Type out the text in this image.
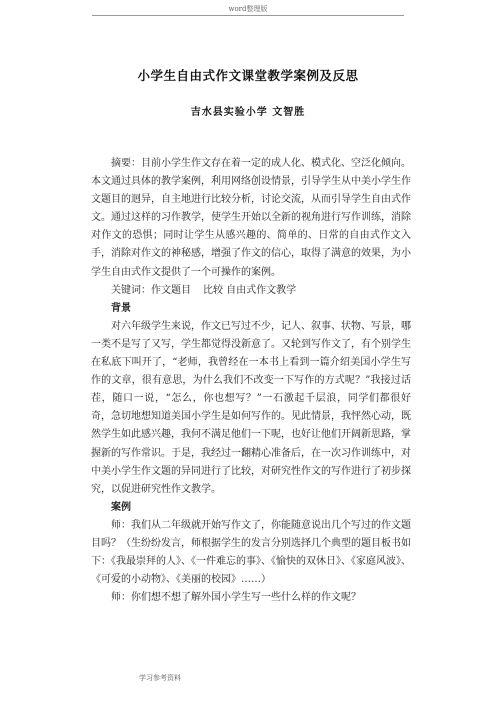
word整理版
小学生自由式作文课堂教学案例及反思
吉水县实验小学 文智胜

摘要：目前小学生作文存在着一定的成人化、模式化、空泛化倾向。本文通过具体的教学案例，利用网络创设情景，引导学生从中美小学生作文题目的迥异，自主地进行比较分析，讨论交流，从而引导学生自由式作文。通过这样的习作教学，使学生开始以全新的视角进行写作训练，消除对作文的恐惧；同时让学生从感兴趣的、简单的、日常的自由式作文入手，消除对作文的神秘感，增强了作文的信心，取得了满意的效果，为小学生自由式作文提供了一个可操作的案例。

关键词：作文题目 比较 自由式作文教学

背景

对六年级学生来说，作文已写过不少，记人、叙事、状物、写景，哪一类不是写了又写，学生都觉得没新意了。又轮到写作文了，有个别学生在私底下叫开了，“老师，我曾经在一本书上看到一篇介绍美国小学生写作的文章，很有意思，为什么我们不改变一下写作的方式呢？”我接过话茬，随口一说，“怎么，你也想写？”一石激起千层浪，同学们都很好奇，急切地想知道美国小学生是如何写作的。见此情景，我怦然心动，既然学生如此感兴趣，我何不满足他们一下呢，也好让他们开阔新思路，掌握新的写作常识。于是，我经过一翻精心准备后，在一次习作训练中，对中美小学生作文题的异同进行了比较，对研究性作文的写作进行了初步探究，以促进研究性作文教学。

案例

师：我们从二年级就开始写作文了，你能随意说出几个写过的作文题目吗？（生纷纷发言，师根据学生的发言分别选择几个典型的题目板书如下：《我最崇拜的人》、《一件难忘的事》、《愉快的双休日》、《家庭风波》、《可爱的小动物》、《美丽的校园》……）

师：你们想不想了解外国小学生写一些什么样的作文呢？

学习参考资料
